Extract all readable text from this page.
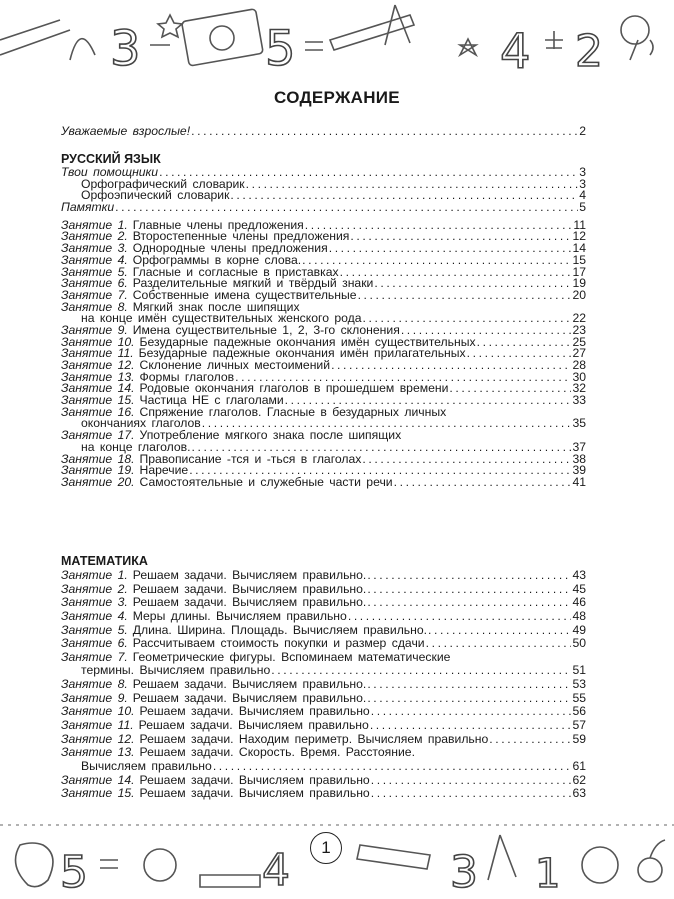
3	5	4 2
СОДЕРЖАНИЕ
Уважаемые взрослые! .....	2
РУССКИЙ ЯЗЫК
Твои помощники .....	3
Орфографический словарик .....	3
Орфоэпический словарик .....	4
Памятки .....	5
Занятие 1. Главные члены предложения .....	11
Занятие 2. Второстепенные члены предложения .....	12
Занятие 3. Однородные члены предложения .....	14
Занятие 4. Орфограммы в корне слова. .....	15
Занятие 5. Гласные и согласные в приставках .....	17
Занятие 6. Разделительные мягкий и твёрдый знаки .....	19
Занятие 7. Собственные имена существительные .....	20
Занятие 8. Мягкий знак после шипящих
на конце имён существительных женского рода .....	22
Занятие 9. Имена существительные 1, 2, 3-го склонения .....	23
Занятие 10. Безударные падежные окончания имён существительных .....	25
Занятие 11. Безударные падежные окончания имён прилагательных .....	27
Занятие 12. Склонение личных местоимений .....	28
Занятие 13. Формы глаголов .....	30
Занятие 14. Родовые окончания глаголов в прошедшем времени .....	32
Занятие 15. Частица НЕ с глаголами .....	33
Занятие 16. Спряжение глаголов. Гласные в безударных личных
окончаниях глаголов .....	35
Занятие 17. Употребление мягкого знака после шипящих
на конце глаголов. .....	37
Занятие 18. Правописание -тся и -ться в глаголах .....	38
Занятие 19. Наречие .....	39
Занятие 20. Самостоятельные и служебные части речи .....	41
МАТЕМАТИКА
Занятие 1. Решаем задачи. Вычисляем правильно. .....	43
Занятие 2. Решаем задачи. Вычисляем правильно. .....	45
Занятие 3. Решаем задачи. Вычисляем правильно. .....	46
Занятие 4. Меры длины. Вычисляем правильно .....	48
Занятие 5. Длина. Ширина. Площадь. Вычисляем правильно. .....	49
Занятие 6. Рассчитываем стоимость покупки и размер сдачи .....	50
Занятие 7. Геометрические фигуры. Вспоминаем математические
термины. Вычисляем правильно .....	51
Занятие 8. Решаем задачи. Вычисляем правильно. .....	53
Занятие 9. Решаем задачи. Вычисляем правильно. .....	55
Занятие 10. Решаем задачи. Вычисляем правильно .....	56
Занятие 11. Решаем задачи. Вычисляем правильно .....	57
Занятие 12. Решаем задачи. Находим периметр. Вычисляем правильно .....	59
Занятие 13. Решаем задачи. Скорость. Время. Расстояние.
Вычисляем правильно .....	61
Занятие 14. Решаем задачи. Вычисляем правильно .....	62
Занятие 15. Решаем задачи. Вычисляем правильно .....	63
5	4	3 1
1
